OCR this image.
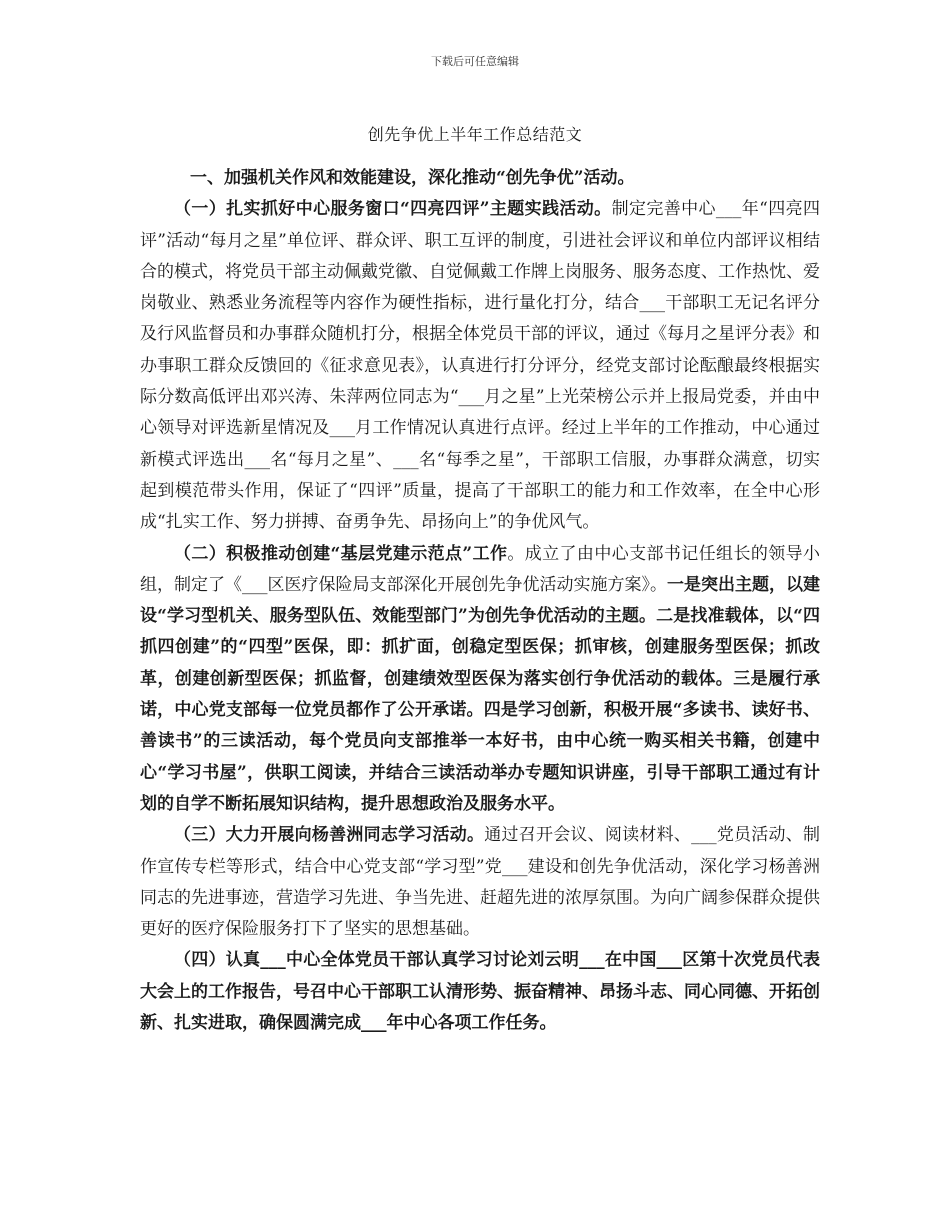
下载后可任意编辑
创先争优上半年工作总结范文

一、加强机关作风和效能建设，深化推动“创先争优”活动。

（一）扎实抓好中心服务窗口“四亮四评”主题实践活动。制定完善中心___年“四亮四评”活动“每月之星”单位评、群众评、职工互评的制度，引进社会评议和单位内部评议相结合的模式，将党员干部主动佩戴党徽、自觉佩戴工作牌上岗服务、服务态度、工作热忱、爱岗敬业、熟悉业务流程等内容作为硬性指标，进行量化打分，结合___干部职工无记名评分及行风监督员和办事群众随机打分，根据全体党员干部的评议，通过《每月之星评分表》和办事职工群众反馈回的《征求意见表》，认真进行打分评分，经党支部讨论酝酿最终根据实际分数高低评出邓兴涛、朱萍两位同志为“___月之星”上光荣榜公示并上报局党委，并由中心领导对评选新星情况及___月工作情况认真进行点评。经过上半年的工作推动，中心通过新模式评选出___名“每月之星”、___名“每季之星”，干部职工信服，办事群众满意，切实起到模范带头作用，保证了“四评”质量，提高了干部职工的能力和工作效率，在全中心形成“扎实工作、努力拼搏、奋勇争先、昂扬向上”的争优风气。

（二）积极推动创建“基层党建示范点”工作。成立了由中心支部书记任组长的领导小组，制定了《___区医疗保险局支部深化开展创先争优活动实施方案》。一是突出主题，以建设“学习型机关、服务型队伍、效能型部门”为创先争优活动的主题。二是找准载体，以“四抓四创建”的“四型”医保，即：抓扩面，创稳定型医保；抓审核，创建服务型医保；抓改革，创建创新型医保；抓监督，创建绩效型医保为落实创行争优活动的载体。三是履行承诺，中心党支部每一位党员都作了公开承诺。四是学习创新，积极开展“多读书、读好书、善读书”的三读活动，每个党员向支部推举一本好书，由中心统一购买相关书籍，创建中心“学习书屋”，供职工阅读，并结合三读活动举办专题知识讲座，引导干部职工通过有计划的自学不断拓展知识结构，提升思想政治及服务水平。

（三）大力开展向杨善洲同志学习活动。通过召开会议、阅读材料、___党员活动、制作宣传专栏等形式，结合中心党支部“学习型”党___建设和创先争优活动，深化学习杨善洲同志的先进事迹，营造学习先进、争当先进、赶超先进的浓厚氛围。为向广阔参保群众提供更好的医疗保险服务打下了坚实的思想基础。

（四）认真___中心全体党员干部认真学习讨论刘云明___在中国___区第十次党员代表大会上的工作报告，号召中心干部职工认清形势、振奋精神、昂扬斗志、同心同德、开拓创新、扎实进取，确保圆满完成___年中心各项工作任务。
